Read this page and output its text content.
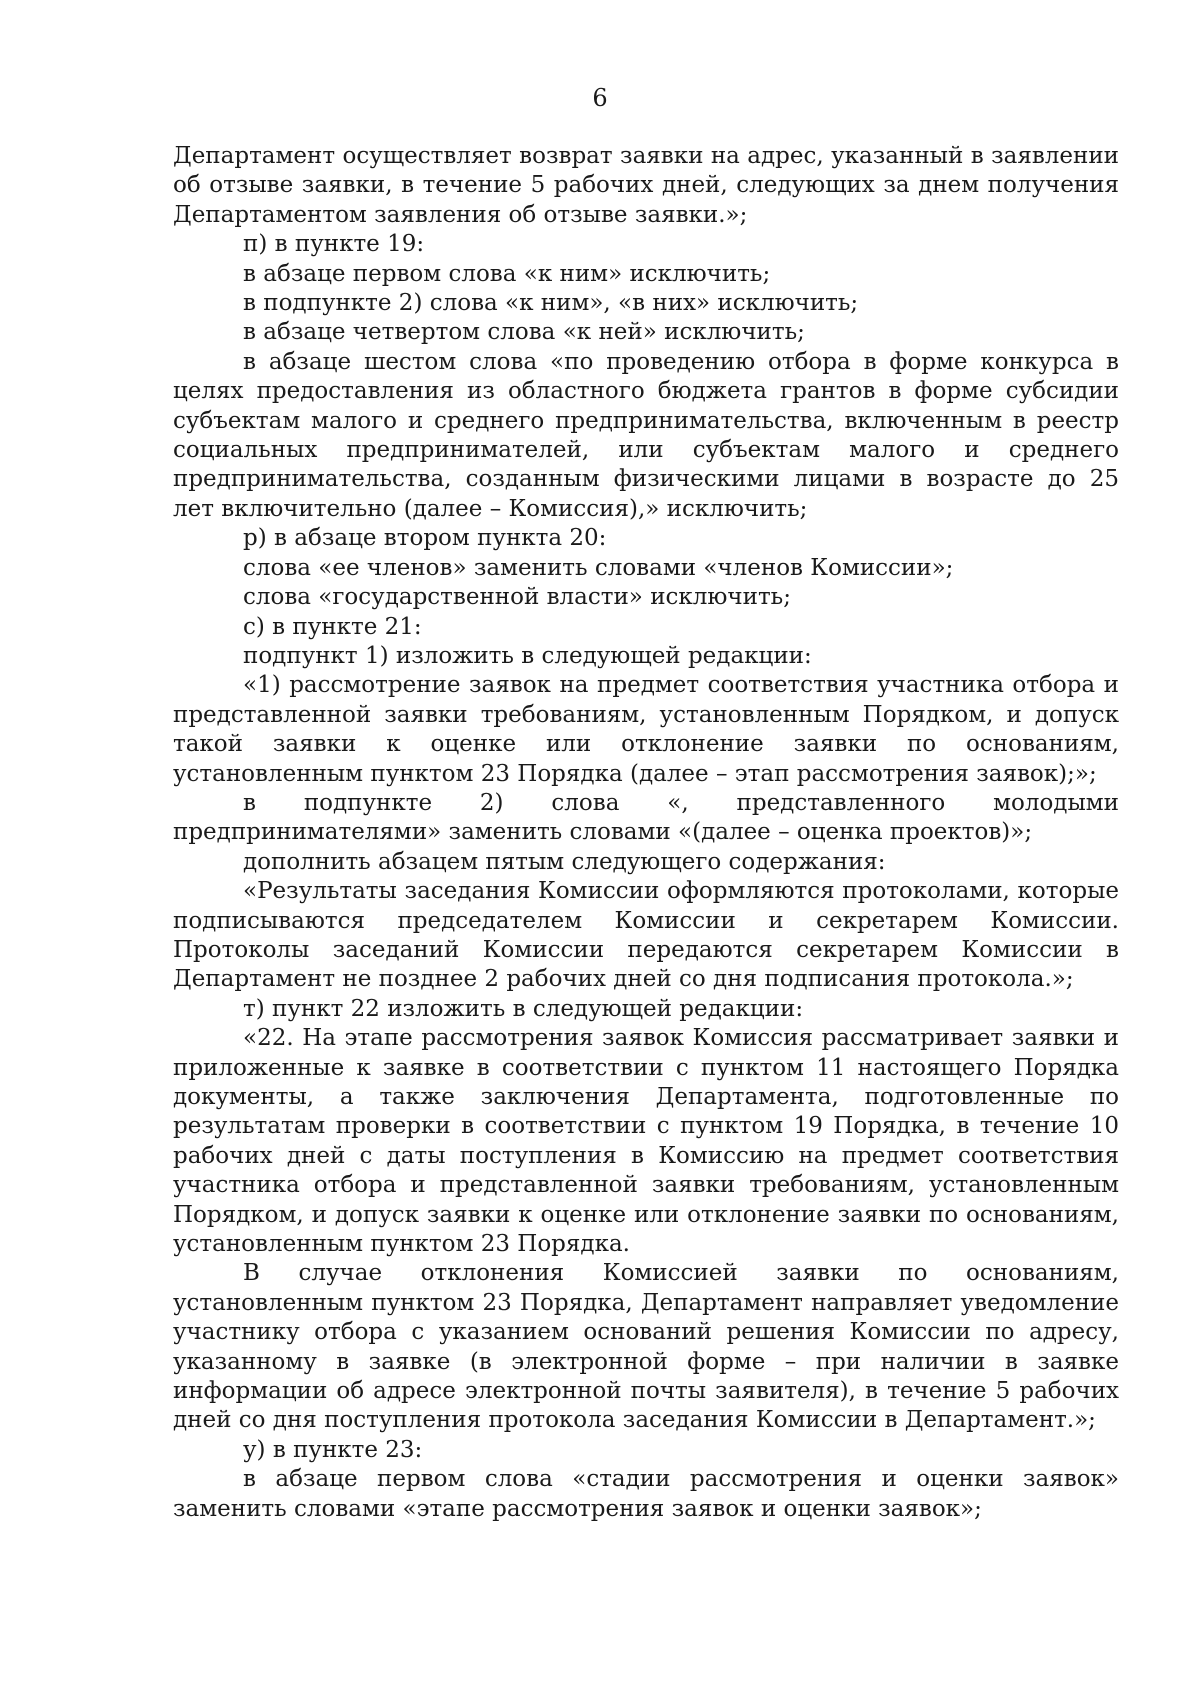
6

Департамент осуществляет возврат заявки на адрес, указанный в заявлении об отзыве заявки, в течение 5 рабочих дней, следующих за днем получения Департаментом заявления об отзыве заявки.»;

п) в пункте 19:

в абзаце первом слова «к ним» исключить;

в подпункте 2) слова «к ним», «в них» исключить;

в абзаце четвертом слова «к ней» исключить;

в абзаце шестом слова «по проведению отбора в форме конкурса в целях предоставления из областного бюджета грантов в форме субсидии субъектам малого и среднего предпринимательства, включенным в реестр социальных предпринимателей, или субъектам малого и среднего предпринимательства, созданным физическими лицами в возрасте до 25 лет включительно (далее – Комиссия),» исключить;

р) в абзаце втором пункта 20:

слова «ее членов» заменить словами «членов Комиссии»;

слова «государственной власти» исключить;

с) в пункте 21:

подпункт 1) изложить в следующей редакции:

«1) рассмотрение заявок на предмет соответствия участника отбора и представленной заявки требованиям, установленным Порядком, и допуск такой заявки к оценке или отклонение заявки по основаниям, установленным пунктом 23 Порядка (далее – этап рассмотрения заявок);»;

в подпункте 2) слова «, представленного молодыми предпринимателями» заменить словами «(далее – оценка проектов)»;

дополнить абзацем пятым следующего содержания:

«Результаты заседания Комиссии оформляются протоколами, которые подписываются председателем Комиссии и секретарем Комиссии. Протоколы заседаний Комиссии передаются секретарем Комиссии в Департамент не позднее 2 рабочих дней со дня подписания протокола.»;

т) пункт 22 изложить в следующей редакции:

«22. На этапе рассмотрения заявок Комиссия рассматривает заявки и приложенные к заявке в соответствии с пунктом 11 настоящего Порядка документы, а также заключения Департамента, подготовленные по результатам проверки в соответствии с пунктом 19 Порядка, в течение 10 рабочих дней с даты поступления в Комиссию на предмет соответствия участника отбора и представленной заявки требованиям, установленным Порядком, и допуск заявки к оценке или отклонение заявки по основаниям, установленным пунктом 23 Порядка.

В случае отклонения Комиссией заявки по основаниям, установленным пунктом 23 Порядка, Департамент направляет уведомление участнику отбора с указанием оснований решения Комиссии по адресу, указанному в заявке (в электронной форме – при наличии в заявке информации об адресе электронной почты заявителя), в течение 5 рабочих дней со дня поступления протокола заседания Комиссии в Департамент.»;

у) в пункте 23:

в абзаце первом слова «стадии рассмотрения и оценки заявок» заменить словами «этапе рассмотрения заявок и оценки заявок»;
